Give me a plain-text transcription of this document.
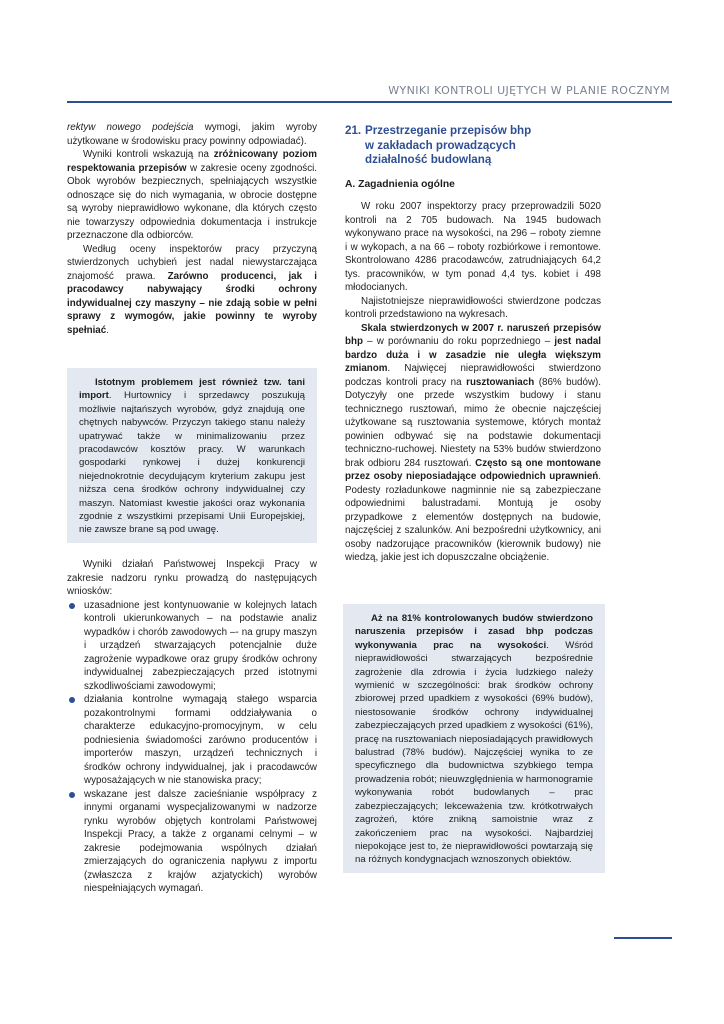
WYNIKI KONTROLI UJĘTYCH W PLANIE ROCZNYM

rektyw nowego podejścia wymogi, jakim wyroby użytkowane w środowisku pracy powinny odpowiadać).

Wyniki kontroli wskazują na zróżnicowany poziom respektowania przepisów w zakresie oceny zgodności. Obok wyrobów bezpiecznych, spełniających wszystkie odnoszące się do nich wymagania, w obrocie dostępne są wyroby nieprawidłowo wykonane, dla których często nie towarzyszy odpowiednia dokumentacja i instrukcje przeznaczone dla odbiorców.

Według oceny inspektorów pracy przyczyną stwierdzonych uchybień jest nadal niewystarczająca znajomość prawa. Zarówno producenci, jak i pracodawcy nabywający środki ochrony indywidualnej czy maszyny – nie zdają sobie w pełni sprawy z wymogów, jakie powinny te wyroby spełniać.

Istotnym problemem jest również tzw. tani import. Hurtownicy i sprzedawcy poszukują możliwie najtańszych wyrobów, gdyż znajdują one chętnych nabywców. Przyczyn takiego stanu należy upatrywać także w minimalizowaniu przez pracodawców kosztów pracy. W warunkach gospodarki rynkowej i dużej konkurencji niejednokrotnie decydującym kryterium zakupu jest niższa cena środków ochrony indywidualnej czy maszyn. Natomiast kwestie jakości oraz wykonania zgodnie z wszystkimi przepisami Unii Europejskiej, nie zawsze brane są pod uwagę.

Wyniki działań Państwowej Inspekcji Pracy w zakresie nadzoru rynku prowadzą do następujących wniosków:

uzasadnione jest kontynuowanie w kolejnych latach kontroli ukierunkowanych – na podstawie analiz wypadków i chorób zawodowych –- na grupy maszyn i urządzeń stwarzających potencjalnie duże zagrożenie wypadkowe oraz grupy środków ochrony indywidualnej zabezpieczających przed istotnymi szkodliwościami zawodowymi;
działania kontrolne wymagają stałego wsparcia pozakontrolnymi formami oddziaływania o charakterze edukacyjno-promocyjnym, w celu podniesienia świadomości zarówno producentów i importerów maszyn, urządzeń technicznych i środków ochrony indywidualnej, jak i pracodawców wyposażających w nie stanowiska pracy;
wskazane jest dalsze zacieśnianie współpracy z innymi organami wyspecjalizowanymi w nadzorze rynku wyrobów objętych kontrolami Państwowej Inspekcji Pracy, a także z organami celnymi – w zakresie podejmowania wspólnych działań zmierzających do ograniczenia napływu z importu (zwłaszcza z krajów azjatyckich) wyrobów niespełniających wymagań.
21. Przestrzeganie przepisów bhp
w zakładach prowadzących
działalność budowlaną
A. Zagadnienia ogólne

W roku 2007 inspektorzy pracy przeprowadzili 5020 kontroli na 2 705 budowach. Na 1945 budowach wykonywano prace na wysokości, na 296 – roboty ziemne i w wykopach, a na 66 – roboty rozbiórkowe i remontowe. Skontrolowano 4286 pracodawców, zatrudniających 64,2 tys. pracowników, w tym ponad 4,4 tys. kobiet i 498 młodocianych.

Najistotniejsze nieprawidłowości stwierdzone podczas kontroli przedstawiono na wykresach.

Skala stwierdzonych w 2007 r. naruszeń przepisów bhp – w porównaniu do roku poprzedniego – jest nadal bardzo duża i w zasadzie nie uległa większym zmianom. Najwięcej nieprawidłowości stwierdzono podczas kontroli pracy na rusztowaniach (86% budów). Dotyczyły one przede wszystkim budowy i stanu technicznego rusztowań, mimo że obecnie najczęściej użytkowane są rusztowania systemowe, których montaż powinien odbywać się na podstawie dokumentacji techniczno-ruchowej. Niestety na 53% budów stwierdzono brak odbioru 284 rusztowań. Często są one montowane przez osoby nieposiadające odpowiednich uprawnień. Podesty rozładunkowe nagminnie nie są zabezpieczane odpowiednimi balustradami. Montują je osoby przypadkowe z elementów dostępnych na budowie, najczęściej z szalunków. Ani bezpośredni użytkownicy, ani osoby nadzorujące pracowników (kierownik budowy) nie wiedzą, jakie jest ich dopuszczalne obciążenie.

Aż na 81% kontrolowanych budów stwierdzono naruszenia przepisów i zasad bhp podczas wykonywania prac na wysokości. Wśród nieprawidłowości stwarzających bezpośrednie zagrożenie dla zdrowia i życia ludzkiego należy wymienić w szczególności: brak środków ochrony zbiorowej przed upadkiem z wysokości (69% budów), niestosowanie środków ochrony indywidualnej zabezpieczających przed upadkiem z wysokości (61%), pracę na rusztowaniach nieposiadających prawidłowych balustrad (78% budów). Najczęściej wynika to ze specyficznego dla budownictwa szybkiego tempa prowadzenia robót; nieuwzględnienia w harmonogramie wykonywania robót budowlanych – prac zabezpieczających; lekceważenia tzw. krótkotrwałych zagrożeń, które znikną samoistnie wraz z zakończeniem prac na wysokości. Najbardziej niepokojące jest to, że nieprawidłowości powtarzają się na różnych kondygnacjach wznoszonych obiektów.
